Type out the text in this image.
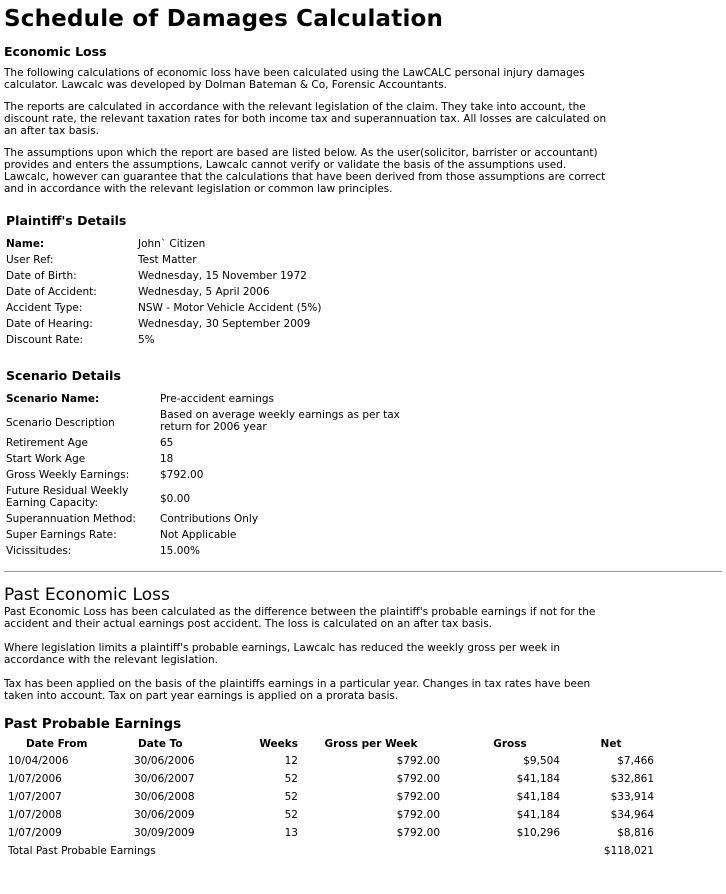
Schedule of Damages Calculation
Economic Loss

The following calculations of economic loss have been calculated using the LawCALC personal injury damages calculator. Lawcalc was developed by Dolman Bateman & Co, Forensic Accountants.

The reports are calculated in accordance with the relevant legislation of the claim. They take into account, the discount rate, the relevant taxation rates for both income tax and superannuation tax. All losses are calculated on an after tax basis.

The assumptions upon which the report are based are listed below. As the user(solicitor, barrister or accountant) provides and enters the assumptions, Lawcalc cannot verify or validate the basis of the assumptions used. Lawcalc, however can guarantee that the calculations that have been derived from those assumptions are correct and in accordance with the relevant legislation or common law principles.

Plaintiff's Details
Name:	John` Citizen
User Ref:	Test Matter
Date of Birth:	Wednesday, 15 November 1972
Date of Accident:	Wednesday, 5 April 2006
Accident Type:	NSW - Motor Vehicle Accident (5%)
Date of Hearing:	Wednesday, 30 September 2009
Discount Rate:	5%
Scenario Details
Scenario Name:	Pre-accident earnings
Scenario Description	Based on average weekly earnings as per tax return for 2006 year
Retirement Age	65
Start Work Age	18
Gross Weekly Earnings:	$792.00
Future Residual Weekly Earning Capacity:	$0.00
Superannuation Method:	Contributions Only
Super Earnings Rate:	Not Applicable
Vicissitudes:	15.00%
Past Economic Loss

Past Economic Loss has been calculated as the difference between the plaintiff's probable earnings if not for the accident and their actual earnings post accident. The loss is calculated on an after tax basis.

Where legislation limits a plaintiff's probable earnings, Lawcalc has reduced the weekly gross per week in accordance with the relevant legislation.

Tax has been applied on the basis of the plaintiffs earnings in a particular year. Changes in tax rates have been taken into account. Tax on part year earnings is applied on a prorata basis.

Past Probable Earnings
Date From	Date To	Weeks	Gross per Week	Gross	Net
10/04/2006	30/06/2006	12	$792.00	$9,504	$7,466
1/07/2006	30/06/2007	52	$792.00	$41,184	$32,861
1/07/2007	30/06/2008	52	$792.00	$41,184	$33,914
1/07/2008	30/06/2009	52	$792.00	$41,184	$34,964
1/07/2009	30/09/2009	13	$792.00	$10,296	$8,816
Total Past Probable Earnings					$118,021
